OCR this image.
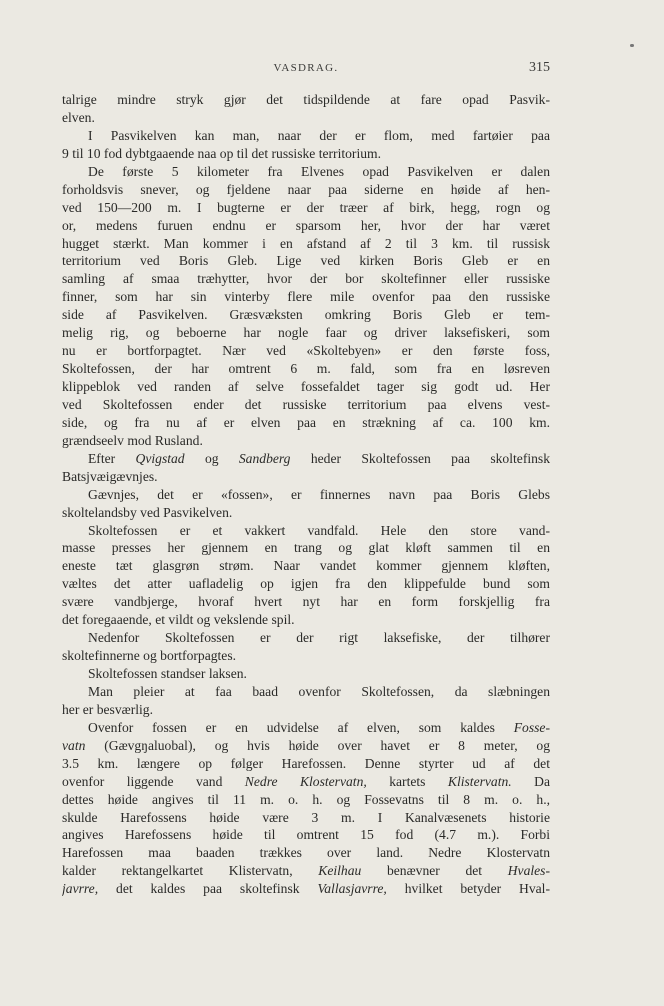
VASDRAG.	315
talrige mindre stryk gjør det tidspildende at fare opad Pasvik-
elven.
I Pasvikelven kan man, naar der er flom, med fartøier paa
9 til 10 fod dybtgaaende naa op til det russiske territorium.
De første 5 kilometer fra Elvenes opad Pasvikelven er dalen
forholdsvis snever, og fjeldene naar paa siderne en høide af hen-
ved 150—200 m. I bugterne er der træer af birk, hegg, rogn og
or, medens furuen endnu er sparsom her, hvor der har været
hugget stærkt. Man kommer i en afstand af 2 til 3 km. til russisk
territorium ved Boris Gleb. Lige ved kirken Boris Gleb er en
samling af smaa træhytter, hvor der bor skoltefinner eller russiske
finner, som har sin vinterby flere mile ovenfor paa den russiske
side af Pasvikelven. Græsvæksten omkring Boris Gleb er tem-
melig rig, og beboerne har nogle faar og driver laksefiskeri, som
nu er bortforpagtet. Nær ved «Skoltebyen» er den første foss,
Skoltefossen, der har omtrent 6 m. fald, som fra en løsreven
klippeblok ved randen af selve fossefaldet tager sig godt ud. Her
ved Skoltefossen ender det russiske territorium paa elvens vest-
side, og fra nu af er elven paa en strækning af ca. 100 km.
grændseelv mod Rusland.
Efter Qvigstad og Sandberg heder Skoltefossen paa skoltefinsk
Batsjvæigævnjes.
Gævnjes, det er «fossen», er finnernes navn paa Boris Glebs
skoltelandsby ved Pasvikelven.
Skoltefossen er et vakkert vandfald. Hele den store vand-
masse presses her gjennem en trang og glat kløft sammen til en
eneste tæt glasgrøn strøm. Naar vandet kommer gjennem kløften,
væltes det atter uafladelig op igjen fra den klippefulde bund som
svære vandbjerge, hvoraf hvert nyt har en form forskjellig fra
det foregaaende, et vildt og vekslende spil.
Nedenfor Skoltefossen er der rigt laksefiske, der tilhører
skoltefinnerne og bortforpagtes.
Skoltefossen standser laksen.
Man pleier at faa baad ovenfor Skoltefossen, da slæbningen
her er besværlig.
Ovenfor fossen er en udvidelse af elven, som kaldes Fosse-
vatn (Gævgŋaluobal), og hvis høide over havet er 8 meter, og
3.5 km. længere op følger Harefossen. Denne styrter ud af det
ovenfor liggende vand Nedre Klostervatn, kartets Klistervatn. Da
dettes høide angives til 11 m. o. h. og Fossevatns til 8 m. o. h.,
skulde Harefossens høide være 3 m. I Kanalvæsenets historie
angives Harefossens høide til omtrent 15 fod (4.7 m.). Forbi
Harefossen maa baaden trækkes over land. Nedre Klostervatn
kalder rektangelkartet Klistervatn, Keilhau benævner det Hvales-
javrre, det kaldes paa skoltefinsk Vallasjavrre, hvilket betyder Hval-
